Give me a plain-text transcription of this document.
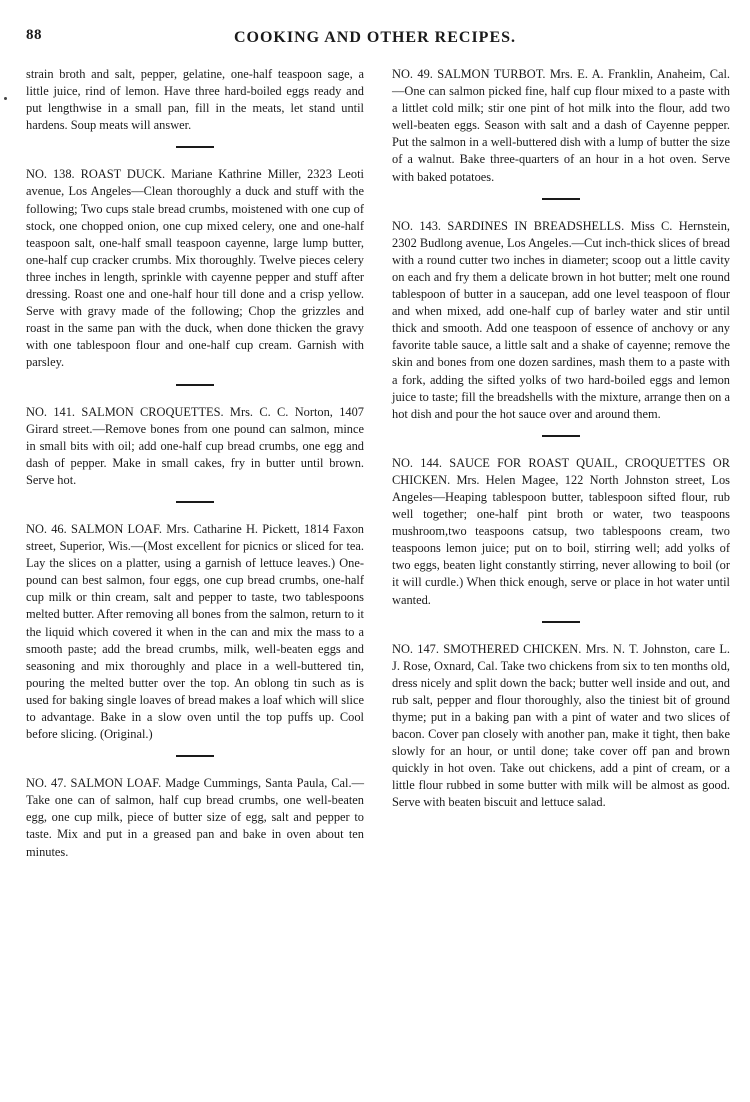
88	COOKING AND OTHER RECIPES.

strain broth and salt, pepper, gelatine, one-half teaspoon sage, a little juice, rind of lemon. Have three hard-boiled eggs ready and put lengthwise in a small pan, fill in the meats, let stand until hardens. Soup meats will answer.

NO. 138. ROAST DUCK. Mariane Kathrine Miller, 2323 Leoti avenue, Los Angeles—Clean thoroughly a duck and stuff with the following; Two cups stale bread crumbs, moistened with one cup of stock, one chopped onion, one cup mixed celery, one and one-half teaspoon salt, one-half small teaspoon cayenne, large lump butter, one-half cup cracker crumbs. Mix thoroughly. Twelve pieces celery three inches in length, sprinkle with cayenne pepper and stuff after dressing. Roast one and one-half hour till done and a crisp yellow. Serve with gravy made of the following; Chop the grizzles and roast in the same pan with the duck, when done thicken the gravy with one tablespoon flour and one-half cup cream. Garnish with parsley.

NO. 141. SALMON CROQUETTES. Mrs. C. C. Norton, 1407 Girard street.—Remove bones from one pound can salmon, mince in small bits with oil; add one-half cup bread crumbs, one egg and dash of pepper. Make in small cakes, fry in butter until brown. Serve hot.

NO. 46. SALMON LOAF. Mrs. Catharine H. Pickett, 1814 Faxon street, Superior, Wis.—(Most excellent for picnics or sliced for tea. Lay the slices on a platter, using a garnish of lettuce leaves.) One-pound can best salmon, four eggs, one cup bread crumbs, one-half cup milk or thin cream, salt and pepper to taste, two tablespoons melted butter. After removing all bones from the salmon, return to it the liquid which covered it when in the can and mix the mass to a smooth paste; add the bread crumbs, milk, well-beaten eggs and seasoning and mix thoroughly and place in a well-buttered tin, pouring the melted butter over the top. An oblong tin such as is used for baking single loaves of bread makes a loaf which will slice to advantage. Bake in a slow oven until the top puffs up. Cool before slicing. (Original.)

NO. 47. SALMON LOAF. Madge Cummings, Santa Paula, Cal.—Take one can of salmon, half cup bread crumbs, one well-beaten egg, one cup milk, piece of butter size of egg, salt and pepper to taste. Mix and put in a greased pan and bake in oven about ten minutes.

NO. 49. SALMON TURBOT. Mrs. E. A. Franklin, Anaheim, Cal.—One can salmon picked fine, half cup flour mixed to a paste with a littlet cold milk; stir one pint of hot milk into the flour, add two well-beaten eggs. Season with salt and a dash of Cayenne pepper. Put the salmon in a well-buttered dish with a lump of butter the size of a walnut. Bake three-quarters of an hour in a hot oven. Serve with baked potatoes.

NO. 143. SARDINES IN BREADSHELLS. Miss C. Hernstein, 2302 Budlong avenue, Los Angeles.—Cut inch-thick slices of bread with a round cutter two inches in diameter; scoop out a little cavity on each and fry them a delicate brown in hot butter; melt one round tablespoon of butter in a saucepan, add one level teaspoon of flour and when mixed, add one-half cup of barley water and stir until thick and smooth. Add one teaspoon of essence of anchovy or any favorite table sauce, a little salt and a shake of cayenne; remove the skin and bones from one dozen sardines, mash them to a paste with a fork, adding the sifted yolks of two hard-boiled eggs and lemon juice to taste; fill the breadshells with the mixture, arrange then on a hot dish and pour the hot sauce over and around them.

NO. 144. SAUCE FOR ROAST QUAIL, CROQUETTES OR CHICKEN. Mrs. Helen Magee, 122 North Johnston street, Los Angeles—Heaping tablespoon butter, tablespoon sifted flour, rub well together; one-half pint broth or water, two teaspoons mushroom,two teaspoons catsup, two tablespoons cream, two teaspoons lemon juice; put on to boil, stirring well; add yolks of two eggs, beaten light constantly stirring, never allowing to boil (or it will curdle.) When thick enough, serve or place in hot water until wanted.

NO. 147. SMOTHERED CHICKEN. Mrs. N. T. Johnston, care L. J. Rose, Oxnard, Cal. Take two chickens from six to ten months old, dress nicely and split down the back; butter well inside and out, and rub salt, pepper and flour thoroughly, also the tiniest bit of ground thyme; put in a baking pan with a pint of water and two slices of bacon. Cover pan closely with another pan, make it tight, then bake slowly for an hour, or until done; take cover off pan and brown quickly in hot oven. Take out chickens, add a pint of cream, or a little flour rubbed in some butter with milk will be almost as good. Serve with beaten biscuit and lettuce salad.
